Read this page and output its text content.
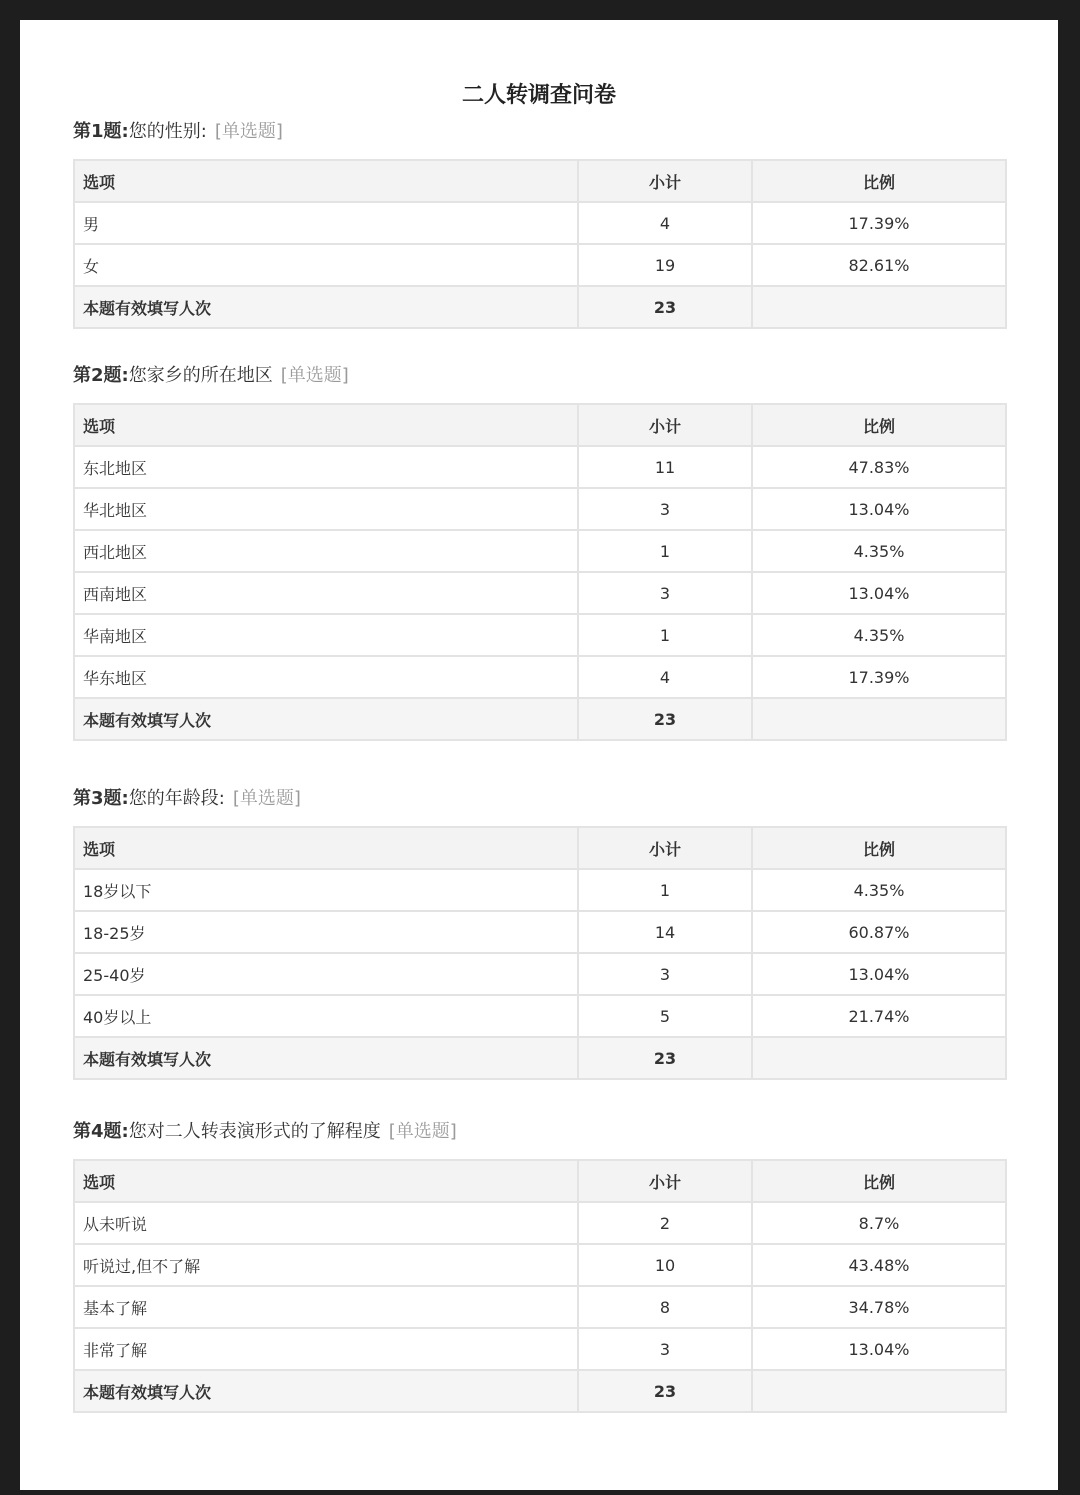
二人转调查问卷
第1题:您的性别: [单选题]
选项	小计	比例
男	4	17.39%
女	19	82.61%
本题有效填写人次	23	
第2题:您家乡的所在地区 [单选题]
选项	小计	比例
东北地区	11	47.83%
华北地区	3	13.04%
西北地区	1	4.35%
西南地区	3	13.04%
华南地区	1	4.35%
华东地区	4	17.39%
本题有效填写人次	23	
第3题:您的年龄段: [单选题]
选项	小计	比例
18岁以下	1	4.35%
18-25岁	14	60.87%
25-40岁	3	13.04%
40岁以上	5	21.74%
本题有效填写人次	23	
第4题:您对二人转表演形式的了解程度 [单选题]
选项	小计	比例
从未听说	2	8.7%
听说过,但不了解	10	43.48%
基本了解	8	34.78%
非常了解	3	13.04%
本题有效填写人次	23	
